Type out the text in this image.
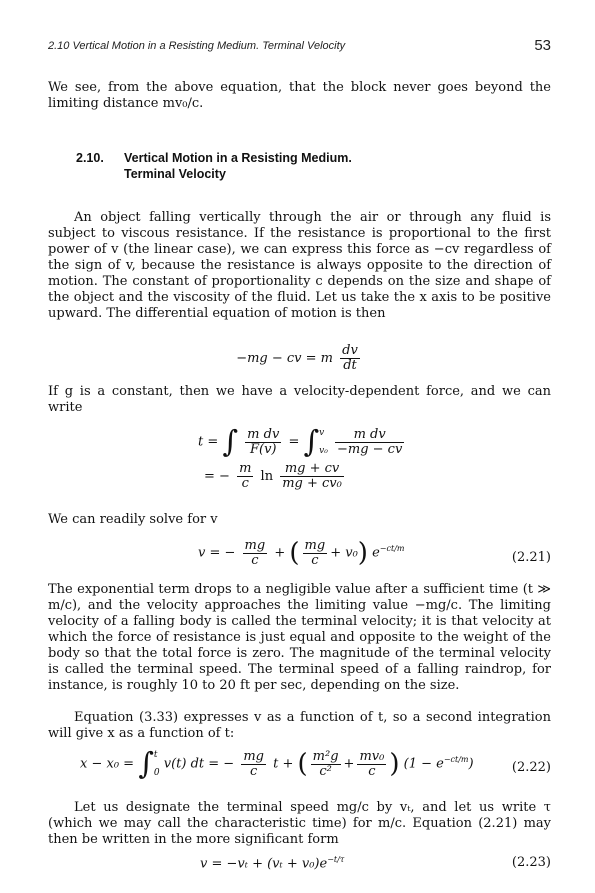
2.10 Vertical Motion in a Resisting Medium. Terminal Velocity	53

We see, from the above equation, that the block never goes beyond the limiting distance mv₀/c.

2.10. Vertical Motion in a Resisting Medium.
Terminal Velocity

An object falling vertically through the air or through any fluid is subject to viscous resistance. If the resistance is proportional to the first power of v (the linear case), we can express this force as −cv regardless of the sign of v, because the resistance is always opposite to the direction of motion. The constant of proportionality c depends on the size and shape of the object and the viscosity of the fluid. Let us take the x axis to be positive upward. The differential equation of motion is then

−mg − cv = m $\frac{dv}{dt}$

If g is a constant, then we have a velocity-dependent force, and we can write

t = ∫ $\frac{\text{m dv}}{F(v)}$ = ∫ v
v₀
$\frac{\text{m dv}}{-mg - cv}$
= − $\frac{m}{c}$ $\ln \frac{mg + cv}{\text{mg + cv₀}}$

We can readily solve for v

v = − $\frac{mg}{c}$ + ( $\frac{mg}{c} + v_0$) $e^{-ct/m}$
(2.21)

The exponential term drops to a negligible value after a sufficient time (t ≫ m/c), and the velocity approaches the limiting value −mg/c. The limiting velocity of a falling body is called the terminal velocity; it is that velocity at which the force of resistance is just equal and opposite to the weight of the body so that the total force is zero. The magnitude of the terminal velocity is called the terminal speed. The terminal speed of a falling raindrop, for instance, is roughly 10 to 20 ft per sec, depending on the size.

Equation (3.33) expresses v as a function of t, so a second integration will give x as a function of t:

x − x₀ = ∫ t
0
v(t) dt = − $\frac{mg}{c}$ t + ( $\frac{\text{m²g}}{\text{c²}} + \frac{\text{mv₀}}{c}$ ) $(1 - e^{-ct/m})$	(2.22)

Let us designate the terminal speed mg/c by vₜ, and let us write τ (which we may call the characteristic time) for m/c. Equation (2.21) may then be written in the more significant form

$v = -v_t + (v_t + v_0)e^{-t/\tau}$	(2.23)
